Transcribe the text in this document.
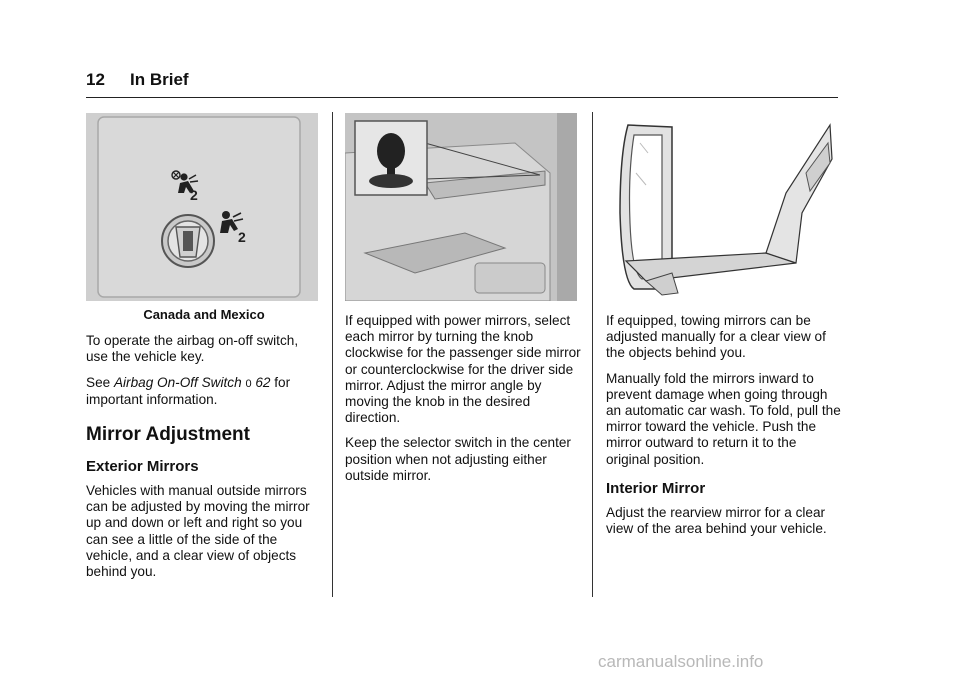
12	In Brief
2
2

Canada and Mexico

To operate the airbag on-off switch, use the vehicle key.

See Airbag On-Off Switch 0 62 for important information.

Mirror Adjustment
Exterior Mirrors

Vehicles with manual outside mirrors can be adjusted by moving the mirror up and down or left and right so you can see a little of the side of the vehicle, and a clear view of objects behind you.

If equipped with power mirrors, select each mirror by turning the knob clockwise for the passenger side mirror or counterclockwise for the driver side mirror. Adjust the mirror angle by moving the knob in the desired direction.

Keep the selector switch in the center position when not adjusting either outside mirror.

If equipped, towing mirrors can be adjusted manually for a clear view of the objects behind you.

Manually fold the mirrors inward to prevent damage when going through an automatic car wash. To fold, pull the mirror toward the vehicle. Push the mirror outward to return it to the original position.

Interior Mirror

Adjust the rearview mirror for a clear view of the area behind your vehicle.

carmanualsonline.info
